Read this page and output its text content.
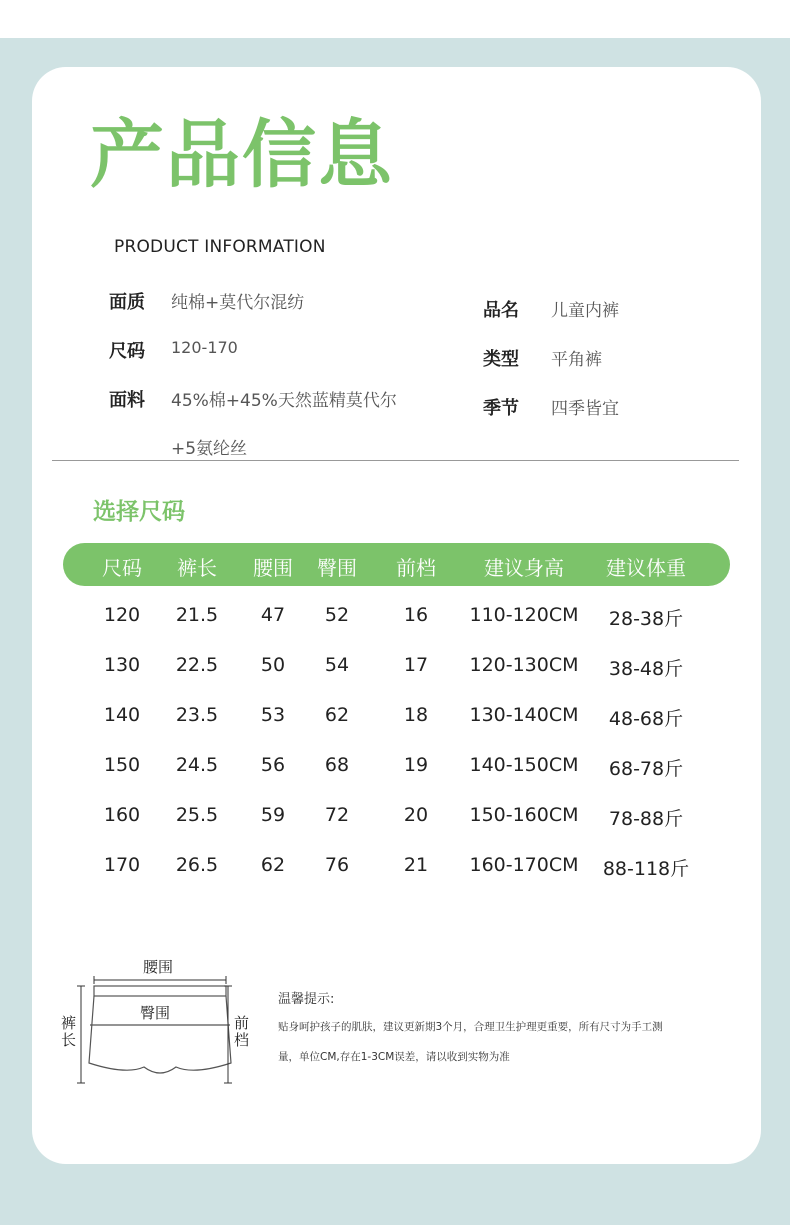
产品信息
PRODUCT INFORMATION
面质 纯棉+莫代尔混纺
尺码 120-170
面料 45%棉+45%天然蓝精莫代尔
+5氨纶丝
品名 儿童内裤
类型 平角裤
季节 四季皆宜
选择尺码
尺码 裤长 腰围 臀围 前档 建议身高 建议体重
120 21.5 47 52	16 110-120CM 28-38斤
130 22.5 50 54	17 120-130CM 38-48斤
140 23.5 53 62	18 130-140CM 48-68斤
150 24.5 56 68	19 140-150CM 68-78斤
160 25.5 59 72	20 150-160CM 78-88斤
170 26.5 62 76	21 160-170CM 88-118斤
腰围
臀围
裤 长
前 档
温馨提示:
贴身呵护孩子的肌肤，建议更新期3个月，合理卫生护理更重要，所有尺寸为手工测
量，单位CM,存在1-3CM误差，请以收到实物为准
